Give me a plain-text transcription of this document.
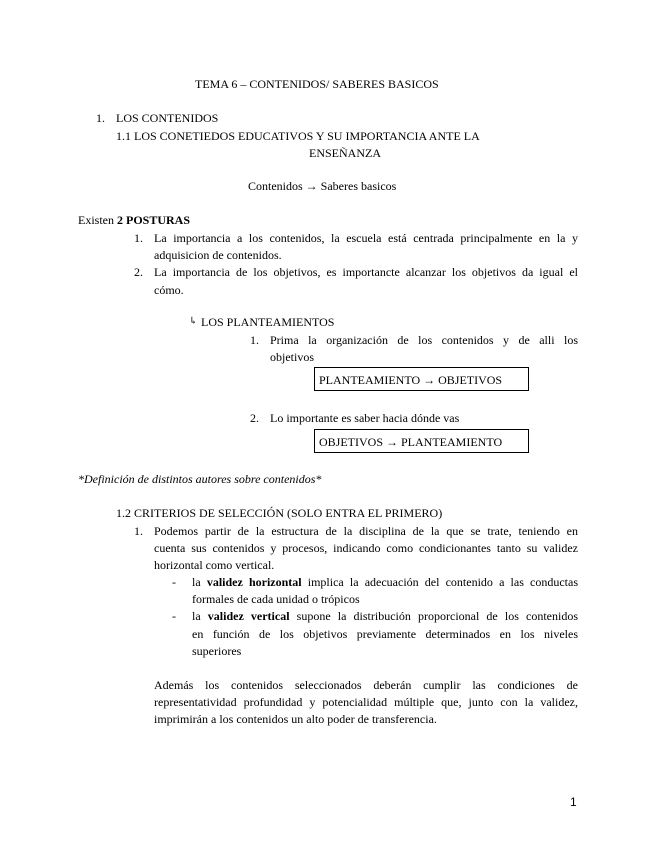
TEMA 6 – CONTENIDOS/ SABERES BASICOS
1. LOS CONTENIDOS
1.1 LOS CONETIEDOS EDUCATIVOS Y SU IMPORTANCIA ANTE LA
ENSEÑANZA
Contenidos → Saberes basicos
Existen 2 POSTURAS
1. La importancia a los contenidos, la escuela está centrada principalmente en la y
adquisicion de contenidos.
2. La importancia de los objetivos, es importancte alcanzar los objetivos da igual el
cómo.
↳ LOS PLANTEAMIENTOS
1. Prima la organización de los contenidos y de alli los
objetivos
PLANTEAMIENTO → OBJETIVOS
2. Lo importante es saber hacia dónde vas
OBJETIVOS → PLANTEAMIENTO
*Definición de distintos autores sobre contenidos*
1.2 CRITERIOS DE SELECCIÓN (SOLO ENTRA EL PRIMERO)
1. Podemos partir de la estructura de la disciplina de la que se trate, teniendo en
cuenta sus contenidos y procesos, indicando como condicionantes tanto su validez
horizontal como vertical.
- la validez horizontal implica la adecuación del contenido a las conductas
formales de cada unidad o trópicos
- la validez vertical supone la distribución proporcional de los contenidos
en función de los objetivos previamente determinados en los niveles
superiores
Además los contenidos seleccionados deberán cumplir las condiciones de
representatividad profundidad y potencialidad múltiple que, junto con la validez,
imprimirán a los contenidos un alto poder de transferencia.
1
